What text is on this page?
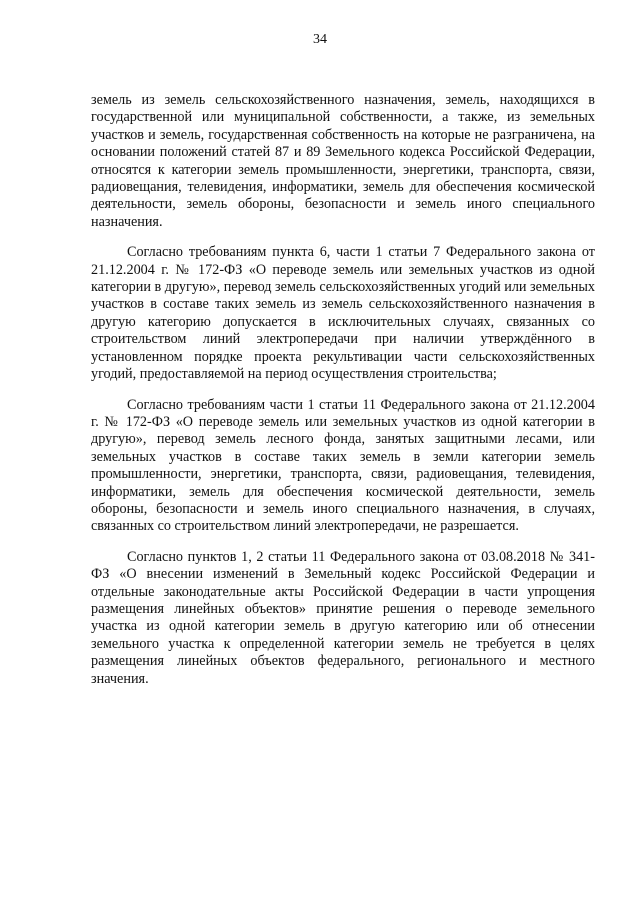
34

земель из земель сельскохозяйственного назначения, земель, находящихся в государственной или муниципальной собственности, а также, из земельных участков и земель, государственная собственность на которые не разграничена, на основании положений статей 87 и 89 Земельного кодекса Российской Федерации, относятся к категории земель промышленности, энергетики, транспорта, связи, радиовещания, телевидения, информатики, земель для обеспечения космической деятельности, земель обороны, безопасности и земель иного специального назначения.

Согласно требованиям пункта 6, части 1 статьи 7 Федерального закона от 21.12.2004 г. № 172-ФЗ «О переводе земель или земельных участков из одной категории в другую», перевод земель сельскохозяйственных угодий или земельных участков в составе таких земель из земель сельскохозяйственного назначения в другую категорию допускается в исключительных случаях, связанных со строительством линий электропередачи при наличии утверждённого в установленном порядке проекта рекультивации части сельскохозяйственных угодий, предоставляемой на период осуществления строительства;

Согласно требованиям части 1 статьи 11 Федерального закона от 21.12.2004 г. № 172-ФЗ «О переводе земель или земельных участков из одной категории в другую», перевод земель лесного фонда, занятых защитными лесами, или земельных участков в составе таких земель в земли категории земель промышленности, энергетики, транспорта, связи, радиовещания, телевидения, информатики, земель для обеспечения космической деятельности, земель обороны, безопасности и земель иного специального назначения, в случаях, связанных со строительством линий электропередачи, не разрешается.

Согласно пунктов 1, 2 статьи 11 Федерального закона от 03.08.2018 № 341-ФЗ «О внесении изменений в Земельный кодекс Российской Федерации и отдельные законодательные акты Российской Федерации в части упрощения размещения линейных объектов» принятие решения о переводе земельного участка из одной категории земель в другую категорию или об отнесении земельного участка к определенной категории земель не требуется в целях размещения линейных объектов федерального, регионального и местного значения.
